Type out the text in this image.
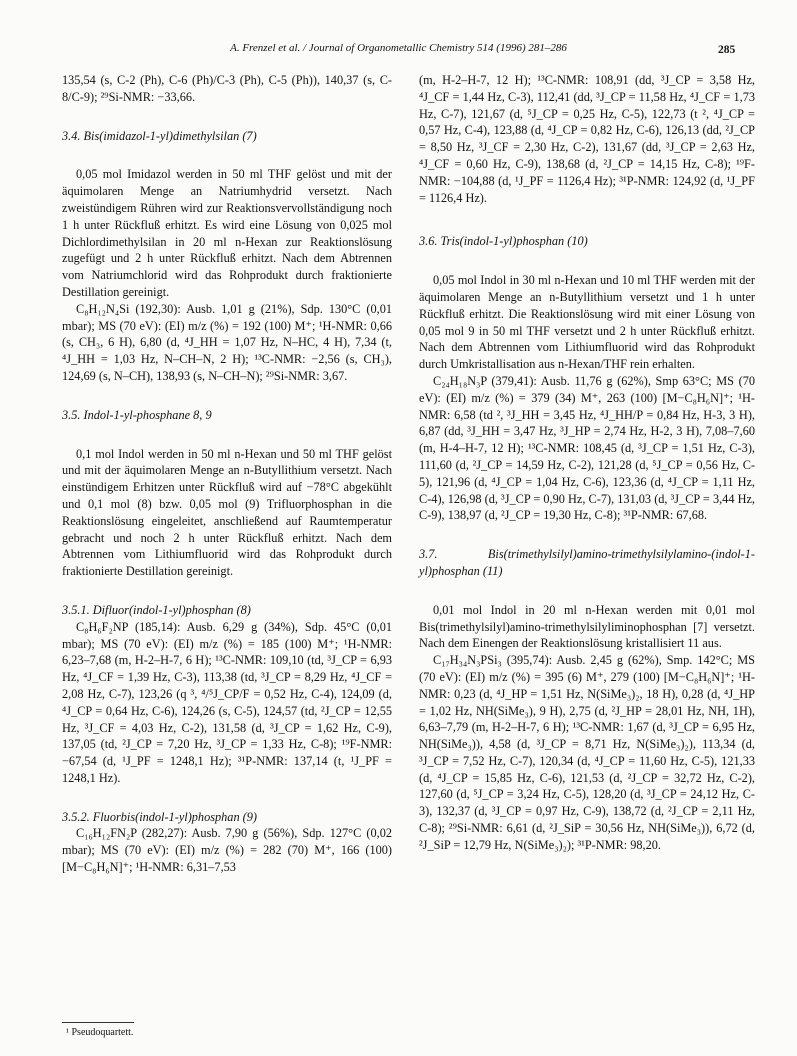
A. Frenzel et al. / Journal of Organometallic Chemistry 514 (1996) 281–286	285

135,54 (s, C-2 (Ph), C-6 (Ph)/C-3 (Ph), C-5 (Ph)), 140,37 (s, C-8/C-9); ²⁹Si-NMR: −33,66.

3.4. Bis(imidazol-1-yl)dimethylsilan (7)

0,05 mol Imidazol werden in 50 ml THF gelöst und mit der äquimolaren Menge an Natriumhydrid versetzt. Nach zweistündigem Rühren wird zur Reaktionsvervollständigung noch 1 h unter Rückfluß erhitzt. Es wird eine Lösung von 0,025 mol Dichlordimethylsilan in 20 ml n-Hexan zur Reaktionslösung zugefügt und 2 h unter Rückfluß erhitzt. Nach dem Abtrennen vom Natriumchlorid wird das Rohprodukt durch fraktionierte Destillation gereinigt.

C₈H₁₂N₄Si (192,30): Ausb. 1,01 g (21%), Sdp. 130°C (0,01 mbar); MS (70 eV): (EI) m/z (%) = 192 (100) M⁺; ¹H-NMR: 0,66 (s, CH₃, 6 H), 6,80 (d, ⁴J_HH = 1,07 Hz, N–HC, 4 H), 7,34 (t, ⁴J_HH = 1,03 Hz, N–CH–N, 2 H); ¹³C-NMR: −2,56 (s, CH₃), 124,69 (s, N–CH), 138,93 (s, N–CH–N); ²⁹Si-NMR: 3,67.

3.5. Indol-1-yl-phosphane 8, 9

0,1 mol Indol werden in 50 ml n-Hexan und 50 ml THF gelöst und mit der äquimolaren Menge an n-Butyllithium versetzt. Nach einstündigem Erhitzen unter Rückfluß wird auf −78°C abgekühlt und 0,1 mol (8) bzw. 0,05 mol (9) Trifluorphosphan in die Reaktionslösung eingeleitet, anschließend auf Raumtemperatur gebracht und noch 2 h unter Rückfluß erhitzt. Nach dem Abtrennen vom Lithiumfluorid wird das Rohprodukt durch fraktionierte Destillation gereinigt.

3.5.1. Difluor(indol-1-yl)phosphan (8)

C₈H₆F₂NP (185,14): Ausb. 6,29 g (34%), Sdp. 45°C (0,01 mbar); MS (70 eV): (EI) m/z (%) = 185 (100) M⁺; ¹H-NMR: 6,23–7,68 (m, H-2–H-7, 6 H); ¹³C-NMR: 109,10 (td, ³J_CP = 6,93 Hz, ⁴J_CF = 1,39 Hz, C-3), 113,38 (td, ³J_CP = 8,29 Hz, ⁴J_CF = 2,08 Hz, C-7), 123,26 (q ³, ⁴/⁵J_CP/F = 0,52 Hz, C-4), 124,09 (d, ⁴J_CP = 0,64 Hz, C-6), 124,26 (s, C-5), 124,57 (td, ²J_CP = 12,55 Hz, ³J_CF = 4,03 Hz, C-2), 131,58 (d, ³J_CP = 1,62 Hz, C-9), 137,05 (td, ²J_CP = 7,20 Hz, ³J_CP = 1,33 Hz, C-8); ¹⁹F-NMR: −67,54 (d, ¹J_PF = 1248,1 Hz); ³¹P-NMR: 137,14 (t, ¹J_PF = 1248,1 Hz).

3.5.2. Fluorbis(indol-1-yl)phosphan (9)

C₁₆H₁₂FN₂P (282,27): Ausb. 7,90 g (56%), Sdp. 127°C (0,02 mbar); MS (70 eV): (EI) m/z (%) = 282 (70) M⁺, 166 (100) [M−C₈H₆N]⁺; ¹H-NMR: 6,31–7,53

(m, H-2–H-7, 12 H); ¹³C-NMR: 108,91 (dd, ³J_CP = 3,58 Hz, ⁴J_CF = 1,44 Hz, C-3), 112,41 (dd, ³J_CP = 11,58 Hz, ⁴J_CF = 1,73 Hz, C-7), 121,67 (d, ⁵J_CP = 0,25 Hz, C-5), 122,73 (t ², ⁴J_CP = 0,57 Hz, C-4), 123,88 (d, ⁴J_CP = 0,82 Hz, C-6), 126,13 (dd, ²J_CP = 8,50 Hz, ³J_CF = 2,30 Hz, C-2), 131,67 (dd, ³J_CP = 2,63 Hz, ⁴J_CF = 0,60 Hz, C-9), 138,68 (d, ²J_CP = 14,15 Hz, C-8); ¹⁹F-NMR: −104,88 (d, ¹J_PF = 1126,4 Hz); ³¹P-NMR: 124,92 (d, ¹J_PF = 1126,4 Hz).

3.6. Tris(indol-1-yl)phosphan (10)

0,05 mol Indol in 30 ml n-Hexan und 10 ml THF werden mit der äquimolaren Menge an n-Butyllithium versetzt und 1 h unter Rückfluß erhitzt. Die Reaktionslösung wird mit einer Lösung von 0,05 mol 9 in 50 ml THF versetzt und 2 h unter Rückfluß erhitzt. Nach dem Abtrennen vom Lithiumfluorid wird das Rohprodukt durch Umkristallisation aus n-Hexan/THF rein erhalten.

C₂₄H₁₈N₃P (379,41): Ausb. 11,76 g (62%), Smp 63°C; MS (70 eV): (EI) m/z (%) = 379 (34) M⁺, 263 (100) [M−C₈H₆N]⁺; ¹H-NMR: 6,58 (td ², ³J_HH = 3,45 Hz, ⁴J_HH/P = 0,84 Hz, H-3, 3 H), 6,87 (dd, ³J_HH = 3,47 Hz, ³J_HP = 2,74 Hz, H-2, 3 H), 7,08–7,60 (m, H-4–H-7, 12 H); ¹³C-NMR: 108,45 (d, ³J_CP = 1,51 Hz, C-3), 111,60 (d, ²J_CP = 14,59 Hz, C-2), 121,28 (d, ⁵J_CP = 0,56 Hz, C-5), 121,96 (d, ⁴J_CP = 1,04 Hz, C-6), 123,36 (d, ⁴J_CP = 1,11 Hz, C-4), 126,98 (d, ³J_CP = 0,90 Hz, C-7), 131,03 (d, ³J_CP = 3,44 Hz, C-9), 138,97 (d, ²J_CP = 19,30 Hz, C-8); ³¹P-NMR: 67,68.

3.7. Bis(trimethylsilyl)amino-trimethylsilylamino-(indol-1-yl)phosphan (11)

0,01 mol Indol in 20 ml n-Hexan werden mit 0,01 mol Bis(trimethylsilyl)amino-trimethylsilyliminophosphan [7] versetzt. Nach dem Einengen der Reaktionslösung kristallisiert 11 aus.

C₁₇H₃₄N₃PSi₃ (395,74): Ausb. 2,45 g (62%), Smp. 142°C; MS (70 eV): (EI) m/z (%) = 395 (6) M⁺, 279 (100) [M−C₈H₆N]⁺; ¹H-NMR: 0,23 (d, ⁴J_HP = 1,51 Hz, N(SiMe₃)₂, 18 H), 0,28 (d, ⁴J_HP = 1,02 Hz, NH(SiMe₃), 9 H), 2,75 (d, ²J_HP = 28,01 Hz, NH, 1H), 6,63–7,79 (m, H-2–H-7, 6 H); ¹³C-NMR: 1,67 (d, ³J_CP = 6,95 Hz, NH(SiMe₃)), 4,58 (d, ³J_CP = 8,71 Hz, N(SiMe₃)₂), 113,34 (d, ³J_CP = 7,52 Hz, C-7), 120,34 (d, ⁴J_CP = 11,60 Hz, C-5), 121,33 (d, ⁴J_CP = 15,85 Hz, C-6), 121,53 (d, ²J_CP = 32,72 Hz, C-2), 127,60 (d, ⁵J_CP = 3,24 Hz, C-5), 128,20 (d, ³J_CP = 24,12 Hz, C-3), 132,37 (d, ³J_CP = 0,97 Hz, C-9), 138,72 (d, ²J_CP = 2,11 Hz, C-8); ²⁹Si-NMR: 6,61 (d, ²J_SiP = 30,56 Hz, NH(SiMe₃)), 6,72 (d, ²J_SiP = 12,79 Hz, N(SiMe₃)₂); ³¹P-NMR: 98,20.

¹ Pseudoquartett.
